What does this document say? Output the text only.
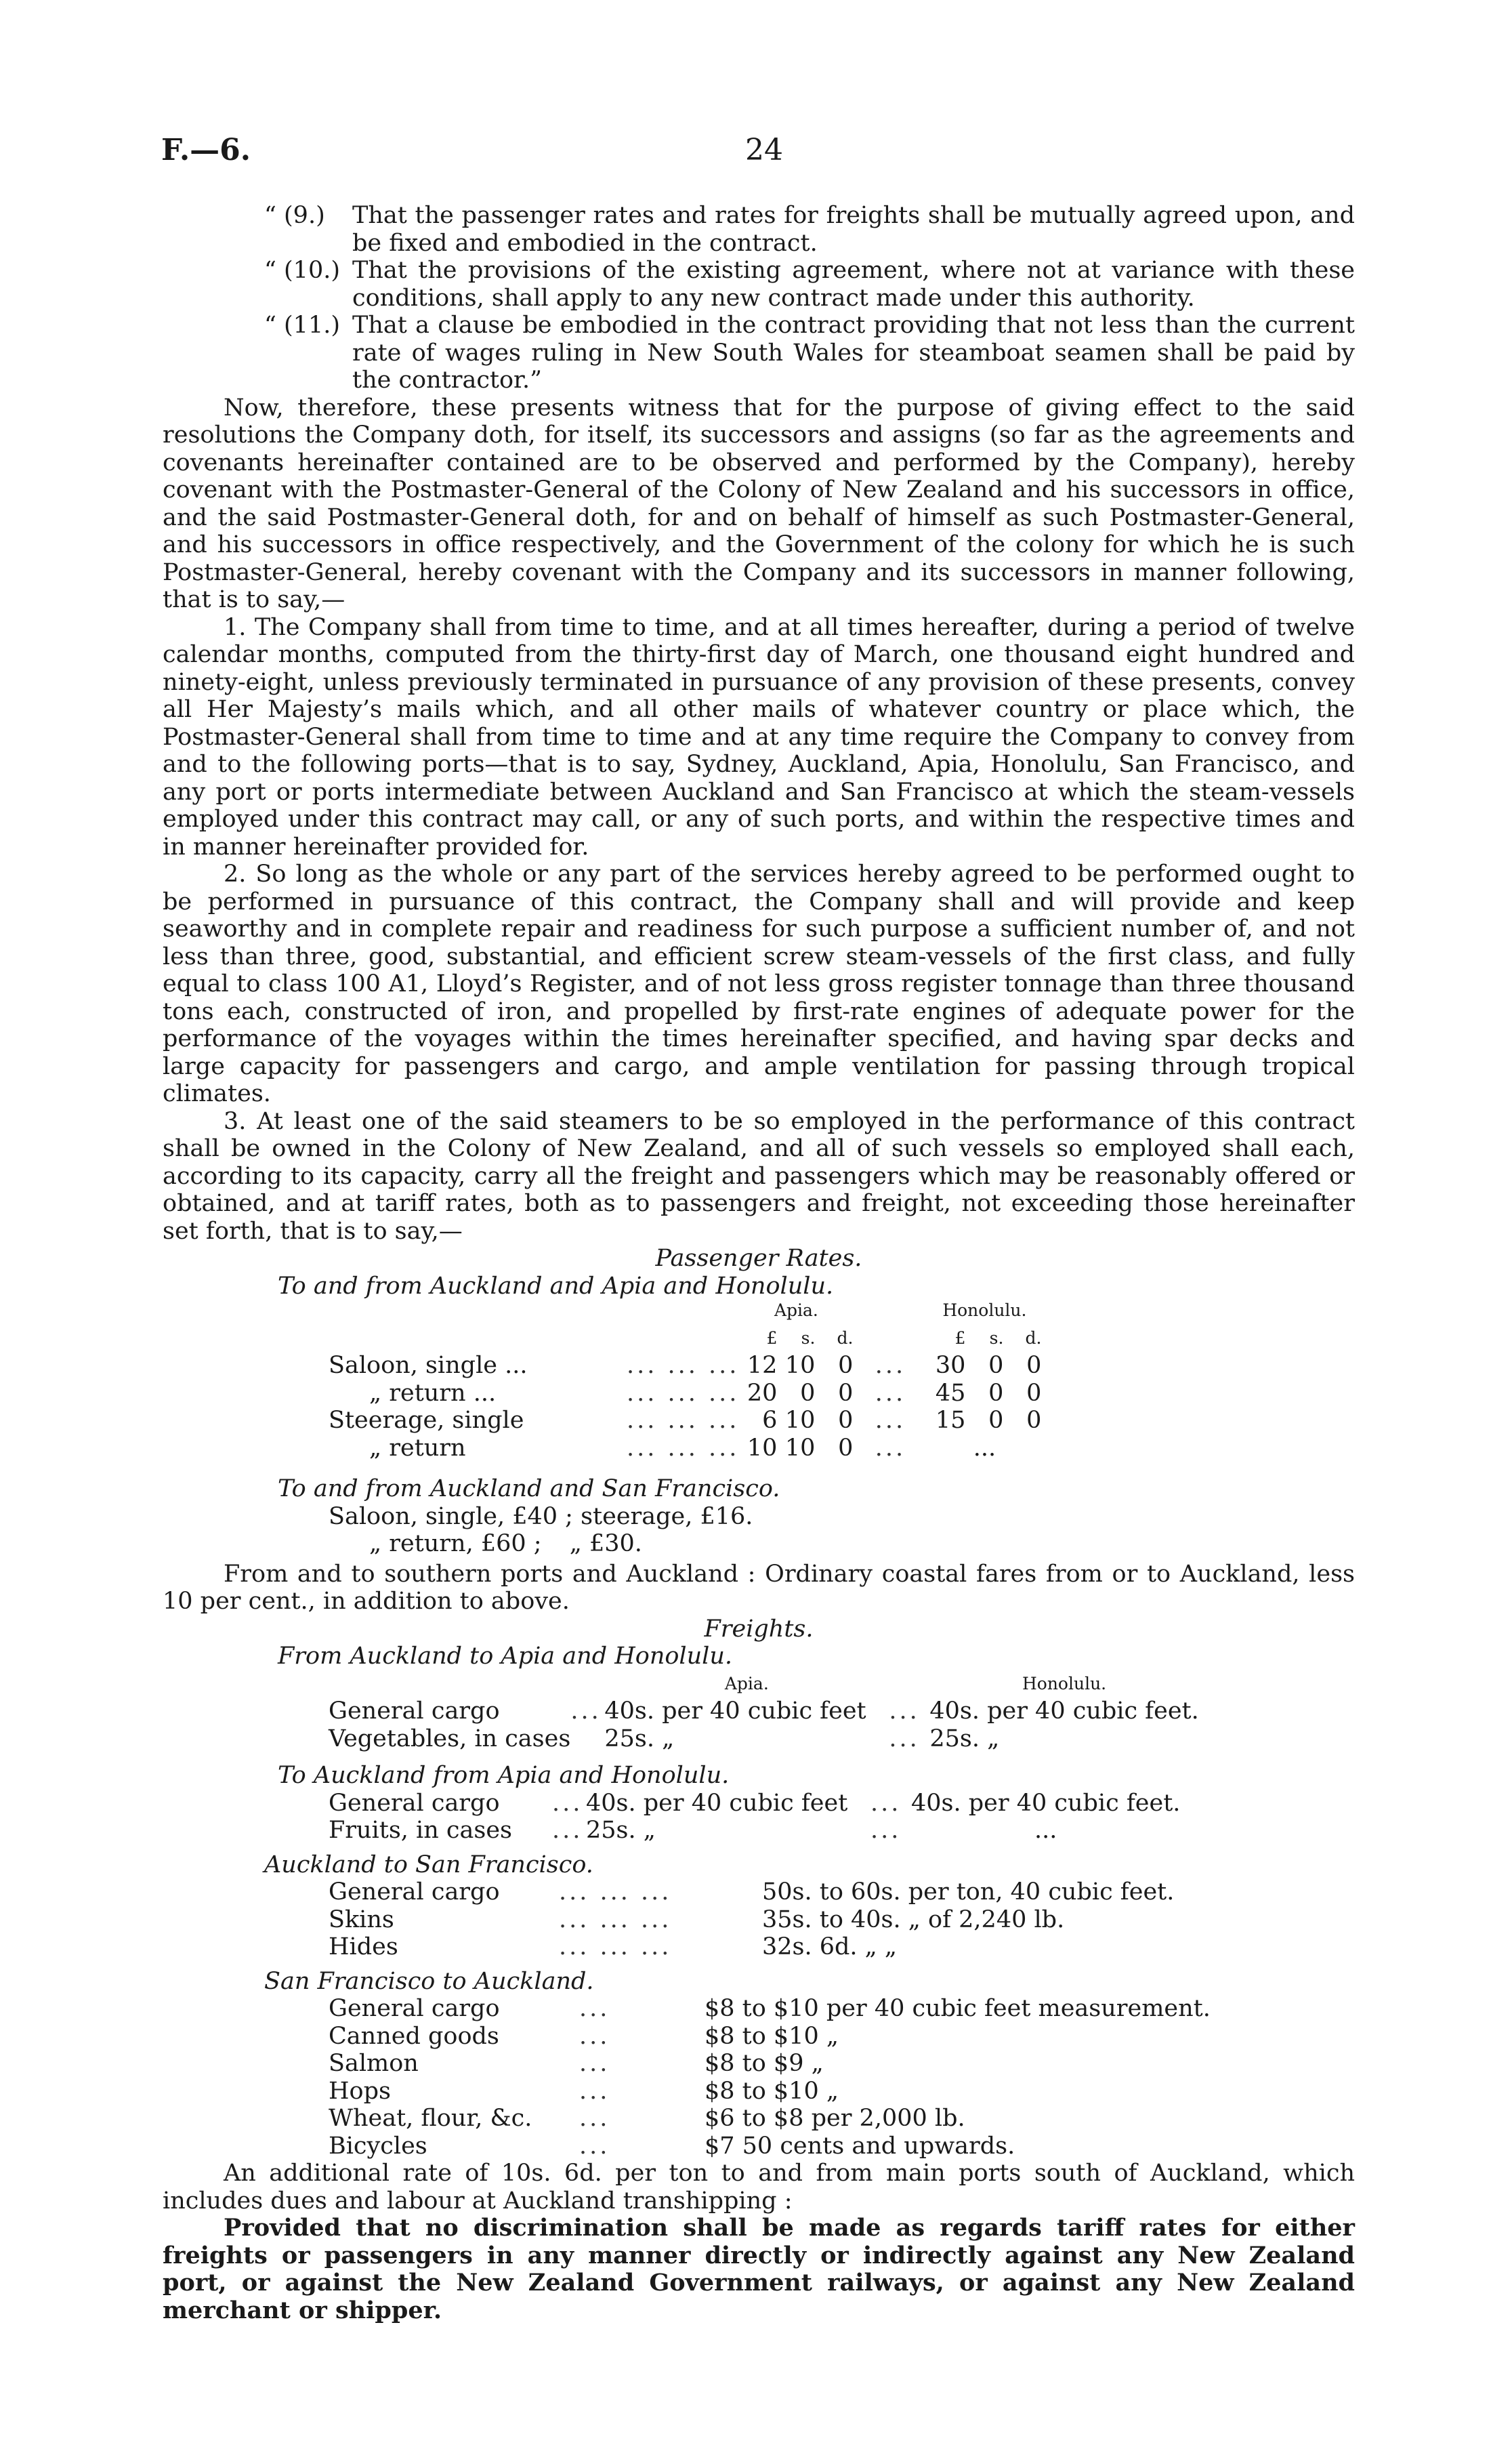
F.—6.	24
“ (9.) That the passenger rates and rates for freights shall be mutually agreed upon, and be fixed and embodied in the contract.
“ (10.) That the provisions of the existing agreement, where not at variance with these conditions, shall apply to any new contract made under this authority.
“ (11.) That a clause be embodied in the contract providing that not less than the current rate of wages ruling in New South Wales for steamboat seamen shall be paid by the contractor.”

Now, therefore, these presents witness that for the purpose of giving effect to the said resolutions the Company doth, for itself, its successors and assigns (so far as the agreements and covenants hereinafter contained are to be observed and performed by the Company), hereby covenant with the Postmaster-General of the Colony of New Zealand and his successors in office, and the said Postmaster-General doth, for and on behalf of himself as such Postmaster-General, and his successors in office respectively, and the Government of the colony for which he is such Postmaster-General, hereby covenant with the Company and its successors in manner following, that is to say,—

1. The Company shall from time to time, and at all times hereafter, during a period of twelve calendar months, computed from the thirty-first day of March, one thousand eight hundred and ninety-eight, unless previously terminated in pursuance of any provision of these presents, convey all Her Majesty’s mails which, and all other mails of whatever country or place which, the Postmaster-General shall from time to time and at any time require the Company to convey from and to the following ports—that is to say, Sydney, Auckland, Apia, Honolulu, San Francisco, and any port or ports intermediate between Auckland and San Francisco at which the steam-vessels employed under this contract may call, or any of such ports, and within the respective times and in manner hereinafter provided for.

2. So long as the whole or any part of the services hereby agreed to be performed ought to be performed in pursuance of this contract, the Company shall and will provide and keep seaworthy and in complete repair and readiness for such purpose a sufficient number of, and not less than three, good, substantial, and efficient screw steam-vessels of the first class, and fully equal to class 100 A1, Lloyd’s Register, and of not less gross register tonnage than three thousand tons each, constructed of iron, and propelled by first-rate engines of adequate power for the performance of the voyages within the times hereinafter specified, and having spar decks and large capacity for passengers and cargo, and ample ventilation for passing through tropical climates.

3. At least one of the said steamers to be so employed in the performance of this contract shall be owned in the Colony of New Zealand, and all of such vessels so employed shall each, according to its capacity, carry all the freight and passengers which may be reasonably offered or obtained, and at tariff rates, both as to passengers and freight, not exceeding those hereinafter set forth, that is to say,—

Passenger Rates.

To and from Auckland and Apia and Honolulu.

		Apia.				Honolulu.		
		£	s.	d.		£	s.	d.
Saloon, single ...	... ... ...	12	10	0	...	30	0	0
„ return ...	... ... ...	20	0	0	...	45	0	0
Steerage, single	... ... ...	6	10	0	...	15	0	0
„ return	... ... ...	10	10	0	...	...		

To and from Auckland and San Francisco.

Saloon, single, £40 ; steerage, £16.

„ return, £60 ; „ £30.

From and to southern ports and Auckland : Ordinary coastal fares from or to Auckland, less 10 per cent., in addition to above.

Freights.

From Auckland to Apia and Honolulu.

		Apia.		Honolulu.
General cargo	...	40s. per 40 cubic feet	...	40s. per 40 cubic feet.
Vegetables, in cases		25s. „	...	25s. „

To Auckland from Apia and Honolulu.

General cargo	...	40s. per 40 cubic feet	...	40s. per 40 cubic feet.
Fruits, in cases	...	25s. „	...	...

Auckland to San Francisco.

General cargo	... ... ...	50s. to 60s. per ton, 40 cubic feet.
Skins	... ... ...	35s. to 40s. „ of 2,240 lb.
Hides	... ... ...	32s. 6d. „ „

San Francisco to Auckland.

General cargo	...	$8 to $10 per 40 cubic feet measurement.
Canned goods	...	$8 to $10 „
Salmon	...	$8 to $9 „
Hops	...	$8 to $10 „
Wheat, flour, &c.	...	$6 to $8 per 2,000 lb.
Bicycles	...	$7 50 cents and upwards.

An additional rate of 10s. 6d. per ton to and from main ports south of Auckland, which includes dues and labour at Auckland transhipping :

Provided that no discrimination shall be made as regards tariff rates for either freights or passengers in any manner directly or indirectly against any New Zealand port, or against the New Zealand Government railways, or against any New Zealand merchant or shipper.
